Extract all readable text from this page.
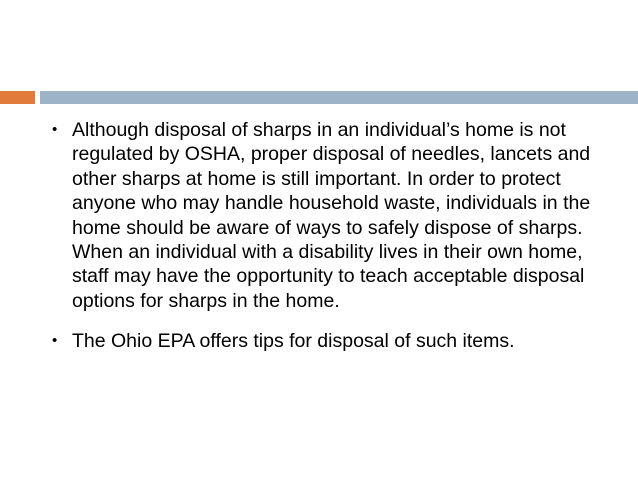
• Although disposal of sharps in an individual’s home is not regulated by OSHA, proper disposal of needles, lancets and other sharps at home is still important. In order to protect anyone who may handle household waste, individuals in the home should be aware of ways to safely dispose of sharps. When an individual with a disability lives in their own home, staff may have the opportunity to teach acceptable disposal options for sharps in the home.
• The Ohio EPA offers tips for disposal of such items.
